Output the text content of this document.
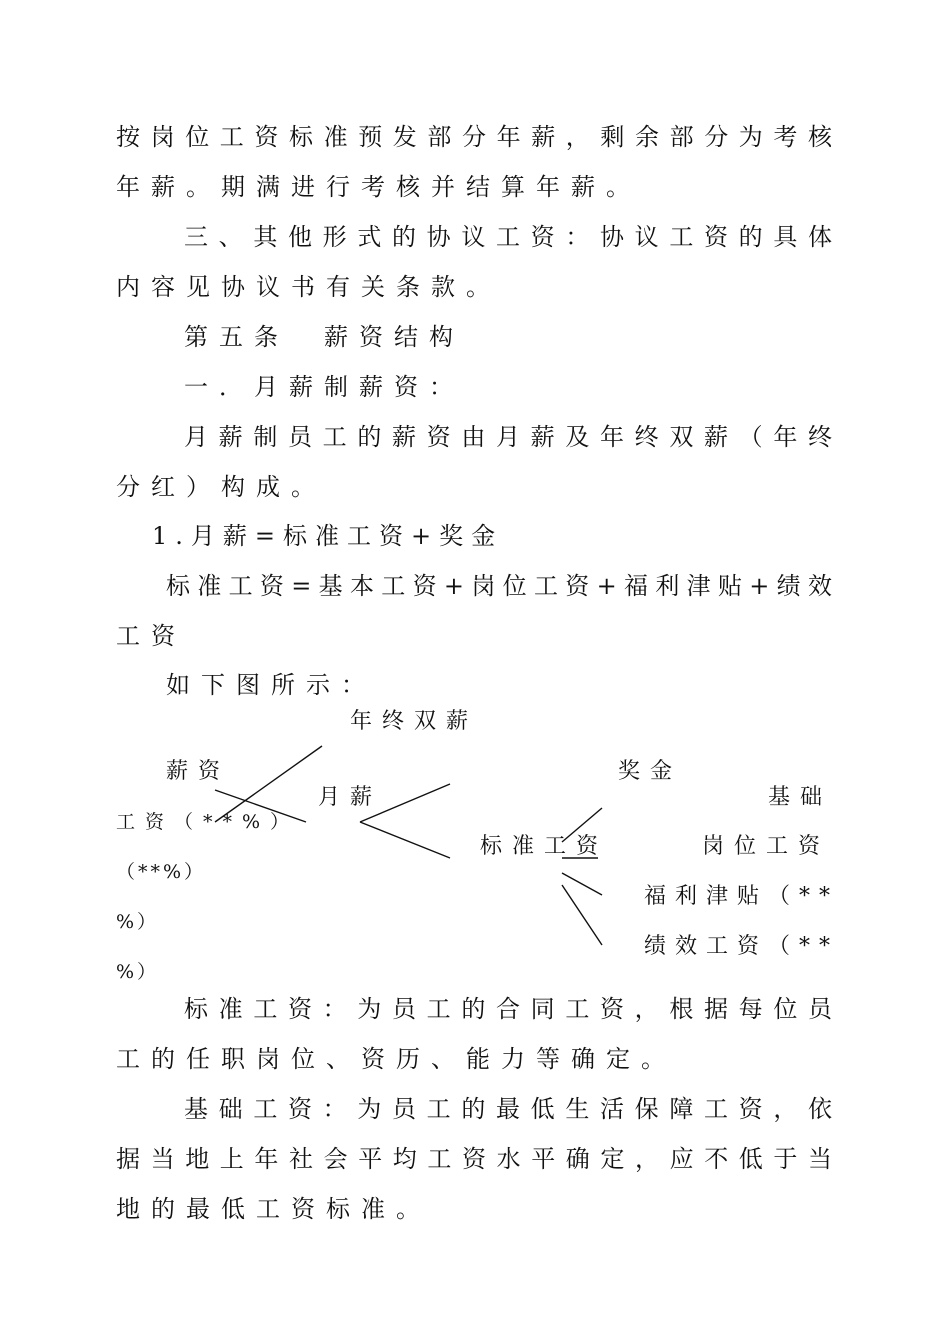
按岗位工资标准预发部分年薪，剩余部分为考核
年薪。期满进行考核并结算年薪。
三、其他形式的协议工资：协议工资的具体
内容见协议书有关条款。
第五条　薪资结构
一．月薪制薪资：
月薪制员工的薪资由月薪及年终双薪（年终
分红）构成。
1.月薪=标准工资+奖金
标准工资=基本工资+岗位工资+福利津贴+绩效
工资
如下图所示：
年终双薪
薪资
月薪
奖金
标准工资
基础
工资（**%）
岗位工资
（**%）
福利津贴（**
%）
绩效工资（**
%）
标准工资：为员工的合同工资，根据每位员
工的任职岗位、资历、能力等确定。
基础工资：为员工的最低生活保障工资，依
据当地上年社会平均工资水平确定，应不低于当
地的最低工资标准。
